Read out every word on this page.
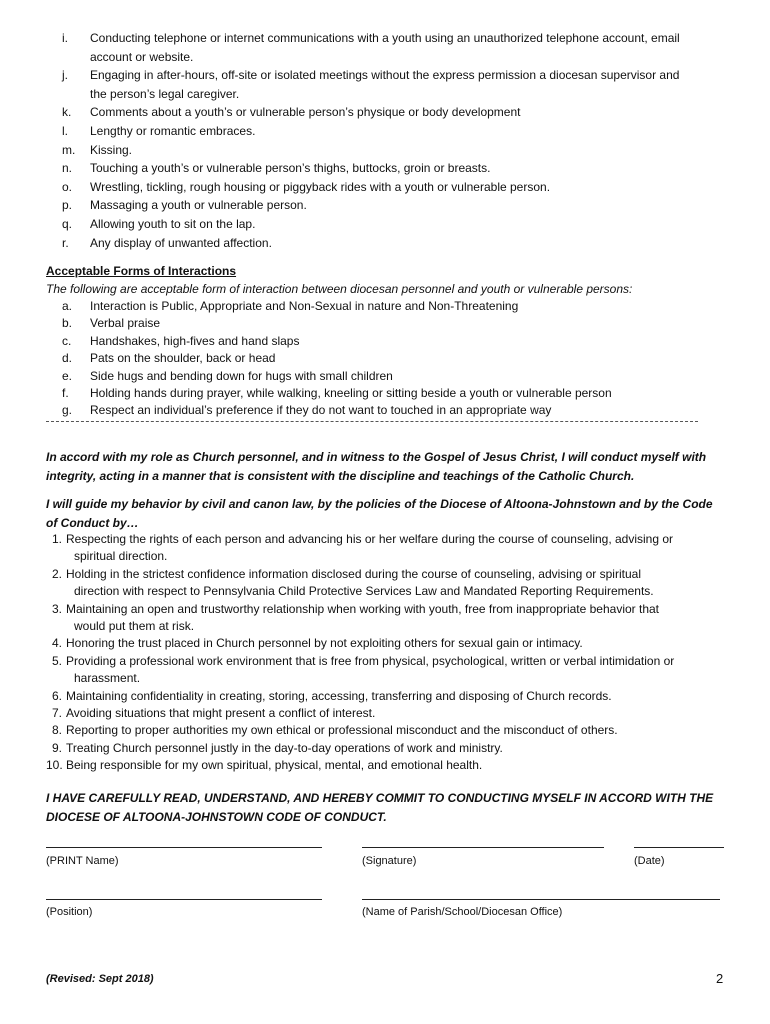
i.	Conducting telephone or internet communications with a youth using an unauthorized telephone account, email
account or website.
j.	Engaging in after-hours, off-site or isolated meetings without the express permission a diocesan supervisor and
the person’s legal caregiver.
k.	Comments about a youth’s or vulnerable person’s physique or body development
l.	Lengthy or romantic embraces.
m.	Kissing.
n.	Touching a youth’s or vulnerable person’s thighs, buttocks, groin or breasts.
o.	Wrestling, tickling, rough housing or piggyback rides with a youth or vulnerable person.
p.	Massaging a youth or vulnerable person.
q.	Allowing youth to sit on the lap.
r.	Any display of unwanted affection.
Acceptable Forms of Interactions
The following are acceptable form of interaction between diocesan personnel and youth or vulnerable persons:
a.	Interaction is Public, Appropriate and Non-Sexual in nature and Non-Threatening
b.	Verbal praise
c.	Handshakes, high-fives and hand slaps
d.	Pats on the shoulder, back or head
e.	Side hugs and bending down for hugs with small children
f.	Holding hands during prayer, while walking, kneeling or sitting beside a youth or vulnerable person
g.	Respect an individual’s preference if they do not want to touched in an appropriate way
In accord with my role as Church personnel, and in witness to the Gospel of Jesus Christ, I will conduct myself with integrity, acting in a manner that is consistent with the discipline and teachings of the Catholic Church.
I will guide my behavior by civil and canon law, by the policies of the Diocese of Altoona-Johnstown and by the Code of Conduct by…
1. Respecting the rights of each person and advancing his or her welfare during the course of counseling, advising or
spiritual direction.
2. Holding in the strictest confidence information disclosed during the course of counseling, advising or spiritual
direction with respect to Pennsylvania Child Protective Services Law and Mandated Reporting Requirements.
3. Maintaining an open and trustworthy relationship when working with youth, free from inappropriate behavior that
would put them at risk.
4. Honoring the trust placed in Church personnel by not exploiting others for sexual gain or intimacy.
5. Providing a professional work environment that is free from physical, psychological, written or verbal intimidation or
harassment.
6. Maintaining confidentiality in creating, storing, accessing, transferring and disposing of Church records.
7. Avoiding situations that might present a conflict of interest.
8. Reporting to proper authorities my own ethical or professional misconduct and the misconduct of others.
9. Treating Church personnel justly in the day-to-day operations of work and ministry.
10. Being responsible for my own spiritual, physical, mental, and emotional health.
I HAVE CAREFULLY READ, UNDERSTAND, AND HEREBY COMMIT TO CONDUCTING MYSELF IN ACCORD WITH THE DIOCESE OF ALTOONA-JOHNSTOWN CODE OF CONDUCT.
(PRINT Name)	(Signature)	(Date)
(Position)	(Name of Parish/School/Diocesan Office)
(Revised: Sept 2018)	2
